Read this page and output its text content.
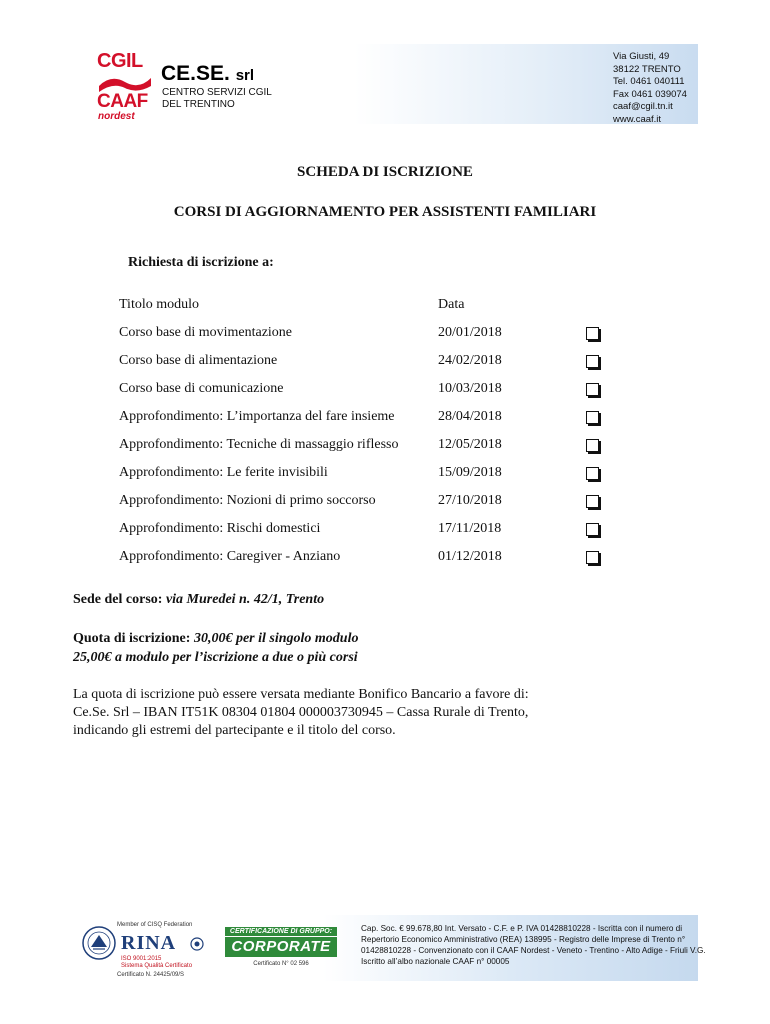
CGIL
CAAF
nordest
CE.SE. srl
CENTRO SERVIZI CGIL
DEL TRENTINO
Via Giusti, 49
38122 TRENTO
Tel. 0461 040111
Fax 0461 039074
caaf@cgil.tn.it
www.caaf.it
SCHEDA DI ISCRIZIONE
CORSI DI AGGIORNAMENTO PER ASSISTENTI FAMILIARI
Richiesta di iscrizione a:
Titolo modulo	Data
Corso base di movimentazione	20/01/2018
Corso base di alimentazione	24/02/2018
Corso base di comunicazione	10/03/2018
Approfondimento: L’importanza del fare insieme	28/04/2018
Approfondimento: Tecniche di massaggio riflesso	12/05/2018
Approfondimento: Le ferite invisibili	15/09/2018
Approfondimento: Nozioni di primo soccorso	27/10/2018
Approfondimento: Rischi domestici	17/11/2018
Approfondimento: Caregiver - Anziano	01/12/2018
Sede del corso: via Muredei n. 42/1, Trento
Quota di iscrizione: 30,00€ per il singolo modulo
25,00€ a modulo per l’iscrizione a due o più corsi
La quota di iscrizione può essere versata mediante Bonifico Bancario a favore di:
Ce.Se. Srl – IBAN IT51K 08304 01804 000003730945 – Cassa Rurale di Trento,
indicando gli estremi del partecipante e il titolo del corso.
Member of CISQ Federation
RINA
ISO 9001:2015
Sistema Qualità Certificato
Certificato N. 24425/09/S
CERTIFICAZIONE DI GRUPPO:
CORPORATE
Certificato N° 02 596
Cap. Soc. € 99.678,80 Int. Versato - C.F. e P. IVA 01428810228 - Iscritta con il numero di
Repertorio Economico Amministrativo (REA) 138995 - Registro delle Imprese di Trento n°
01428810228 - Convenzionato con il CAAF Nordest - Veneto - Trentino - Alto Adige - Friuli V.G.
Iscritto all’albo nazionale CAAF n° 00005
